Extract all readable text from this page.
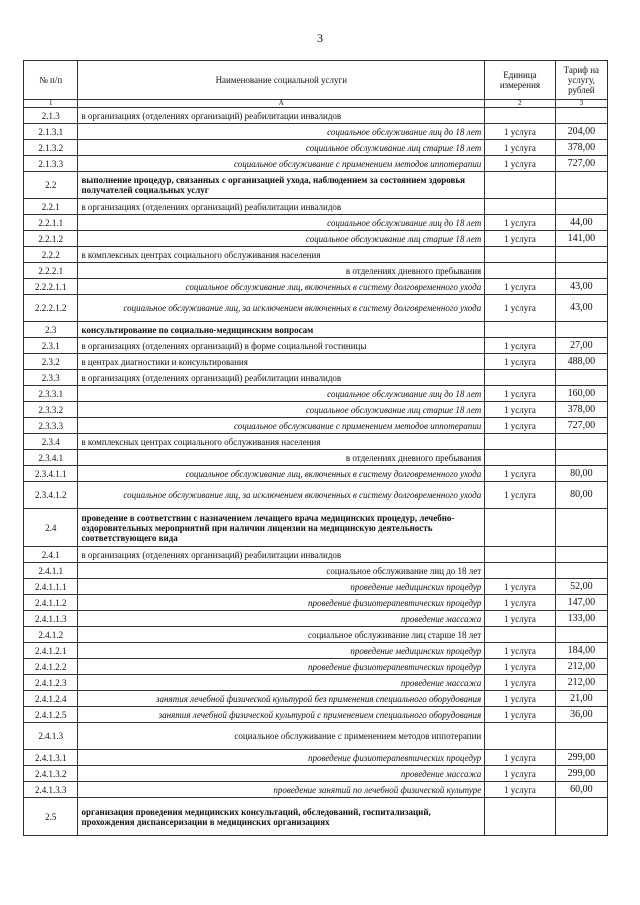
3
№ п/п	Наименование социальной услуги	Единица измерения	Тариф на услугу, рублей
1	А	2	3
2.1.3	в организациях (отделениях организаций) реабилитации инвалидов		
2.1.3.1	социальное обслуживание лиц до 18 лет	1 услуга	204,00
2.1.3.2	социальное обслуживание лиц старше 18 лет	1 услуга	378,00
2.1.3.3	социальное обслуживание с применением методов иппотерапии	1 услуга	727,00
2.2	выполнение процедур, связанных с организацией ухода, наблюдением за состоянием здоровья получателей социальных услуг		
2.2.1	в организациях (отделениях организаций) реабилитации инвалидов		
2.2.1.1	социальное обслуживание лиц до 18 лет	1 услуга	44,00
2.2.1.2	социальное обслуживание лиц старше 18 лет	1 услуга	141,00
2.2.2	в комплексных центрах социального обслуживания населения		
2.2.2.1	в отделениях дневного пребывания		
2.2.2.1.1	социальное обслуживание лиц, включенных в систему долговременного ухода	1 услуга	43,00
2.2.2.1.2	социальное обслуживание лиц, за исключением включенных в систему долговременного ухода	1 услуга	43,00
2.3	консультирование по социально-медицинским вопросам		
2.3.1	в организациях (отделениях организаций) в форме социальной гостиницы	1 услуга	27,00
2.3.2	в центрах диагностики и консультирования	1 услуга	488,00
2.3.3	в организациях (отделениях организаций) реабилитации инвалидов		
2.3.3.1	социальное обслуживание лиц до 18 лет	1 услуга	160,00
2.3.3.2	социальное обслуживание лиц старше 18 лет	1 услуга	378,00
2.3.3.3	социальное обслуживание с применением методов иппотерапии	1 услуга	727,00
2.3.4	в комплексных центрах социального обслуживания населения		
2.3.4.1	в отделениях дневного пребывания		
2.3.4.1.1	социальное обслуживание лиц, включенных в систему долговременного ухода	1 услуга	80,00
2.3.4.1.2	социальное обслуживание лиц, за исключением включенных в систему долговременного ухода	1 услуга	80,00
2.4	проведение в соответствии с назначением лечащего врача медицинских процедур, лечебно-оздоровительных мероприятий при наличии лицензии на медицинскую деятельность соответствующего вида		
2.4.1	в организациях (отделениях организаций) реабилитации инвалидов		
2.4.1.1	социальное обслуживание лиц до 18 лет		
2.4.1.1.1	проведение медицинских процедур	1 услуга	52,00
2.4.1.1.2	проведение физиотерапевтических процедур	1 услуга	147,00
2.4.1.1.3	проведение массажа	1 услуга	133,00
2.4.1.2	социальное обслуживание лиц старше 18 лет		
2.4.1.2.1	проведение медицинских процедур	1 услуга	184,00
2.4.1.2.2	проведение физиотерапевтических процедур	1 услуга	212,00
2.4.1.2.3	проведение массажа	1 услуга	212,00
2.4.1.2.4	занятия лечебной физической культурой без применения специального оборудования	1 услуга	21,00
2.4.1.2.5	занятия лечебной физической культурой с применением специального оборудования	1 услуга	36,00
2.4.1.3	социальное обслуживание с применением методов иппотерапии		
2.4.1.3.1	проведение физиотерапевтических процедур	1 услуга	299,00
2.4.1.3.2	проведение массажа	1 услуга	299,00
2.4.1.3.3	проведение занятий по лечебной физической культуре	1 услуга	60,00
2.5	организация проведения медицинских консультаций, обследований, госпитализаций, прохождения диспансеризации в медицинских организациях		
